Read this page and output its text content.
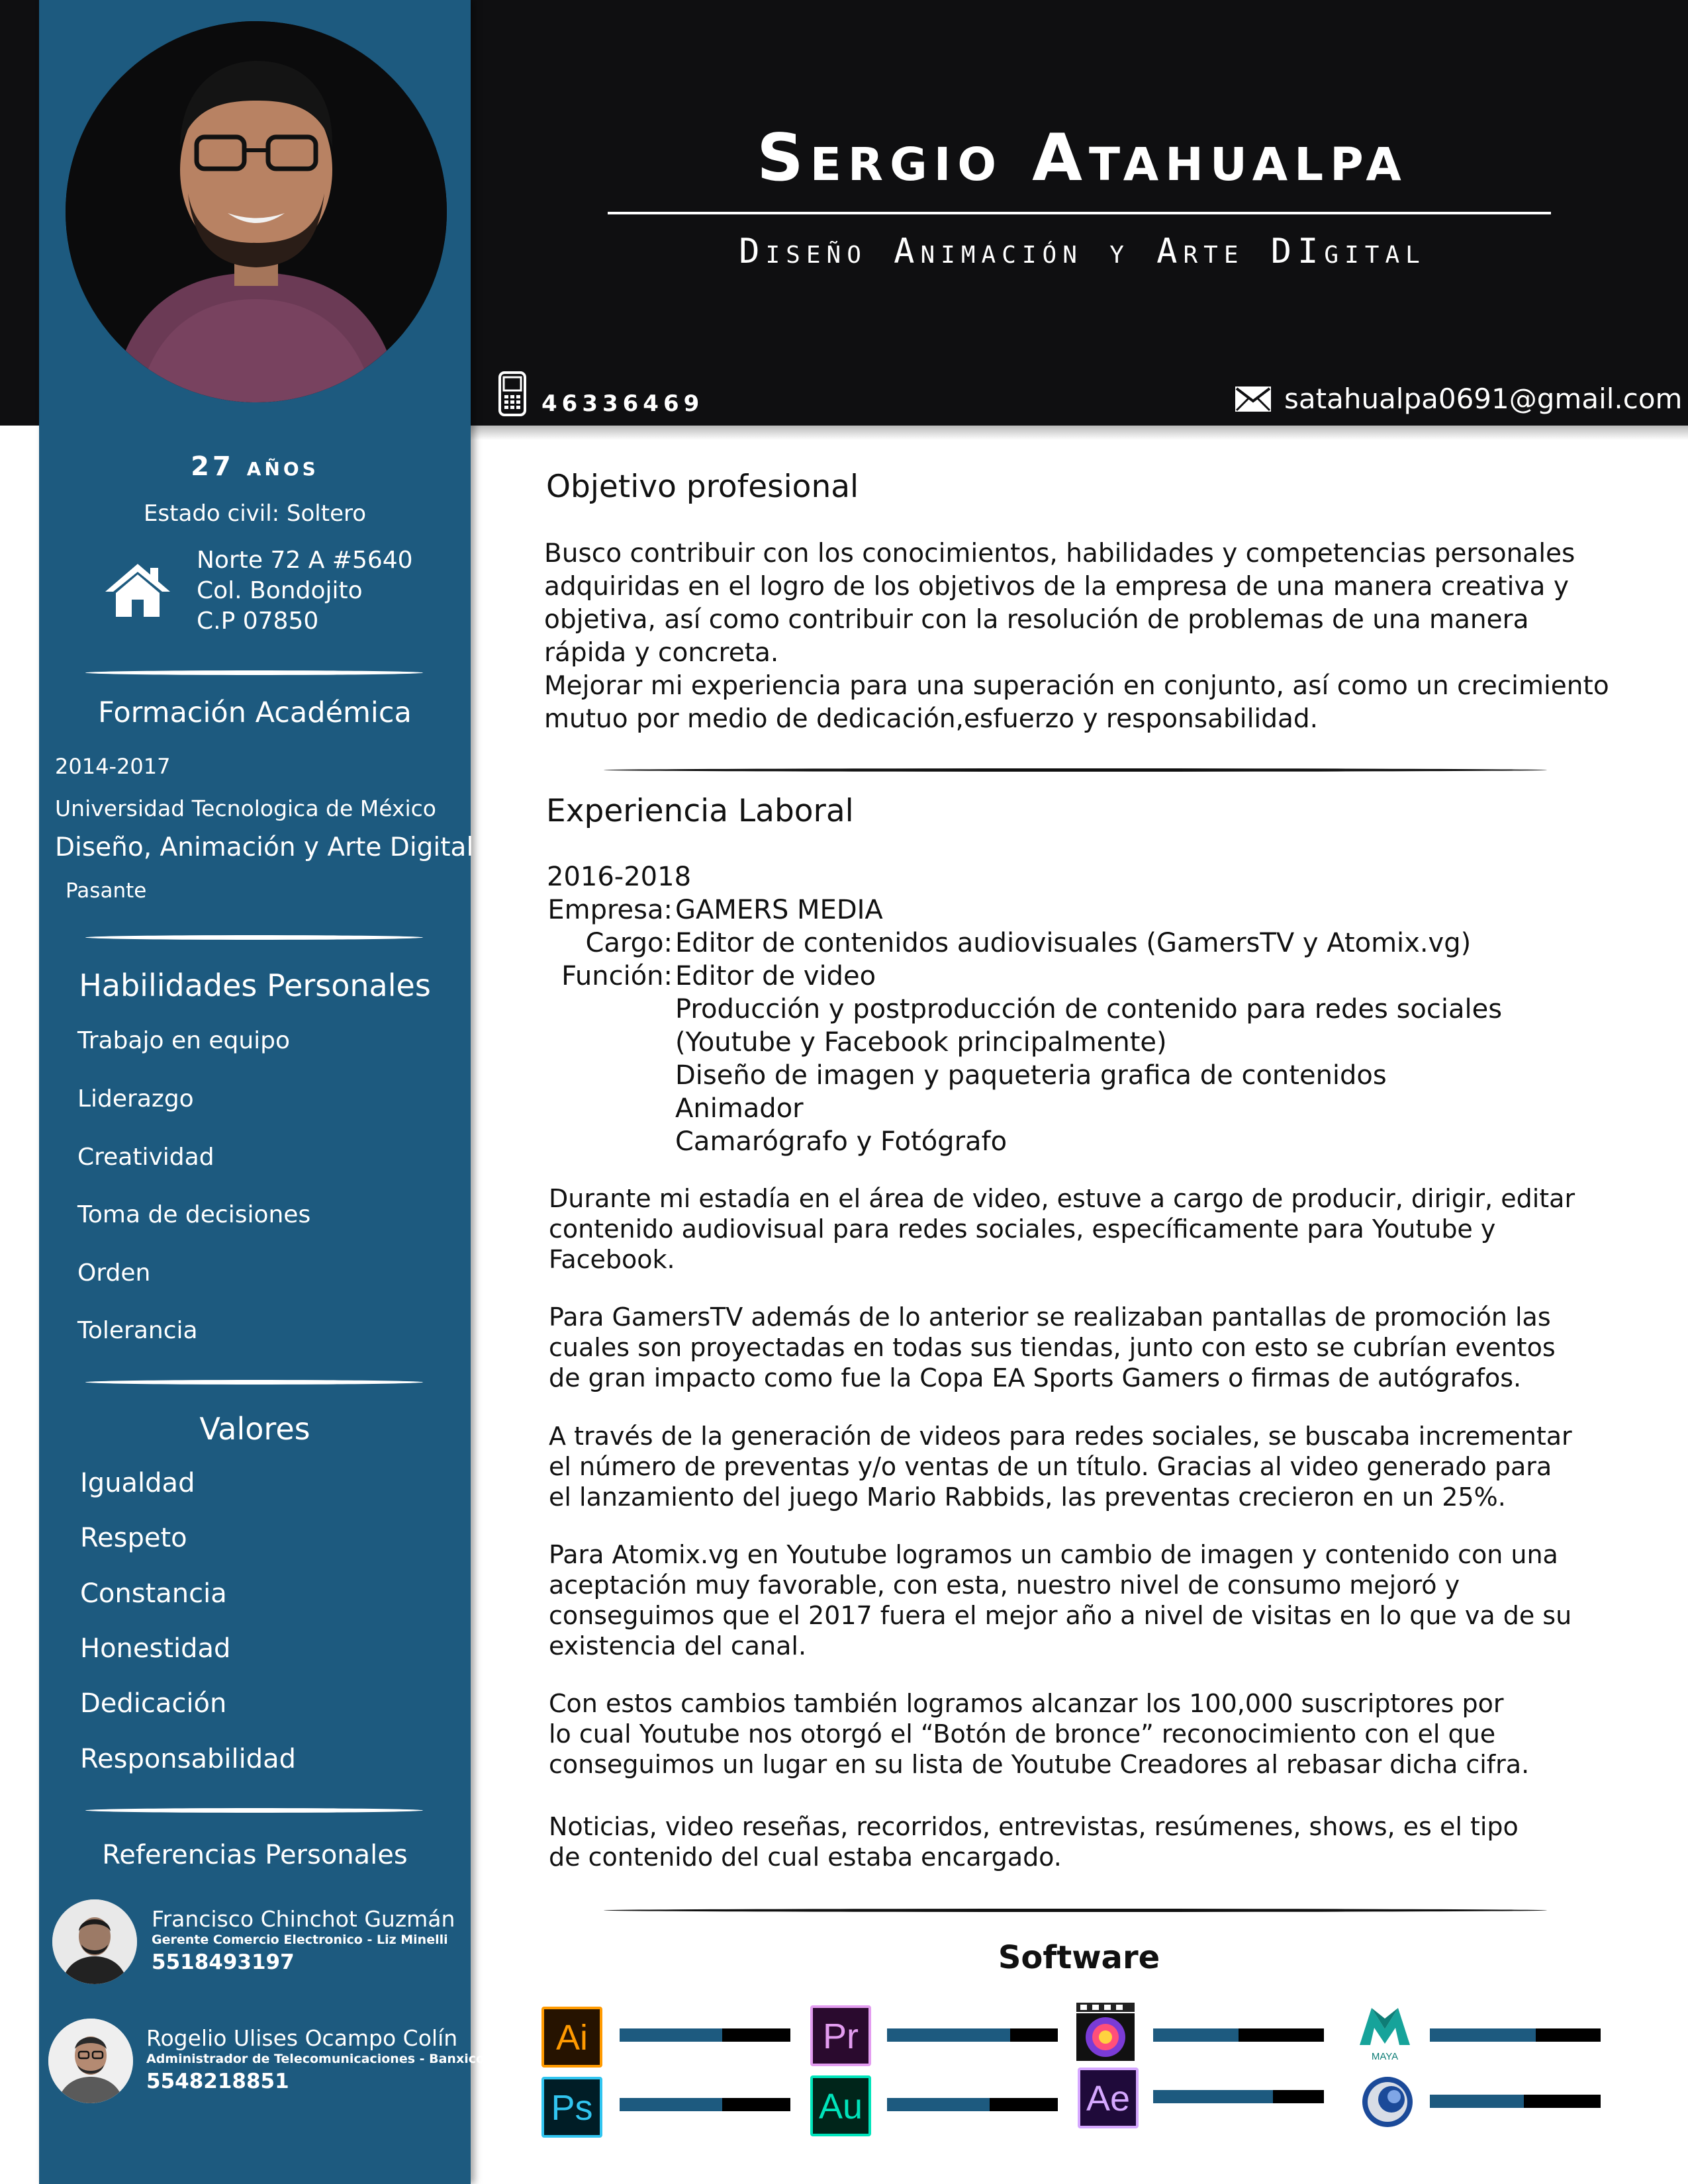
Sergio Atahualpa
Diseño Animación y Arte DIgital
46336469	satahualpa0691@gmail.com
27 años
Estado civil: Soltero
Norte 72 A #5640
Col. Bondojito
C.P 07850
Formación Académica
2014-2017
Universidad Tecnologica de México
Diseño, Animación y Arte Digital
Pasante
Habilidades Personales
Trabajo en equipo
Liderazgo
Creatividad
Toma de decisiones
Orden
Tolerancia
Valores
Igualdad
Respeto
Constancia
Honestidad
Dedicación
Responsabilidad
Referencias Personales
Francisco Chinchot Guzmán
Gerente Comercio Electronico - Liz Minelli
5518493197
Rogelio Ulises Ocampo Colín
Administrador de Telecomunicaciones - Banxico
5548218851
Objetivo profesional

Busco contribuir con los conocimientos, habilidades y competencias personales

adquiridas en el logro de los objetivos de la empresa de una manera creativa y

objetiva, así como contribuir con la resolución de problemas de una manera

rápida y concreta.

Mejorar mi experiencia para una superación en conjunto, así como un crecimiento

mutuo por medio de dedicación,esfuerzo y responsabilidad.

Experiencia Laboral
2016-2018
Empresa: GAMERS MEDIA
Cargo: Editor de contenidos audiovisuales (GamersTV y Atomix.vg)
Función: Editor de video
Producción y postproducción de contenido para redes sociales
(Youtube y Facebook principalmente)
Diseño de imagen y paqueteria grafica de contenidos
Animador
Camarógrafo y Fotógrafo

Durante mi estadía en el área de video, estuve a cargo de producir, dirigir, editar

contenido audiovisual para redes sociales, específicamente para Youtube y

Facebook.

Para GamersTV además de lo anterior se realizaban pantallas de promoción las

cuales son proyectadas en todas sus tiendas, junto con esto se cubrían eventos

de gran impacto como fue la Copa EA Sports Gamers o firmas de autógrafos.

A través de la generación de videos para redes sociales, se buscaba incrementar

el número de preventas y/o ventas de un título. Gracias al video generado para

el lanzamiento del juego Mario Rabbids, las preventas crecieron en un 25%.

Para Atomix.vg en Youtube logramos un cambio de imagen y contenido con una

aceptación muy favorable, con esta, nuestro nivel de consumo mejoró y

conseguimos que el 2017 fuera el mejor año a nivel de visitas en lo que va de su

existencia del canal.

Con estos cambios también logramos alcanzar los 100,000 suscriptores por

lo cual Youtube nos otorgó el “Botón de bronce” reconocimiento con el que

conseguimos un lugar en su lista de Youtube Creadores al rebasar dicha cifra.

Noticias, video reseñas, recorridos, entrevistas, resúmenes, shows, es el tipo

de contenido del cual estaba encargado.

Software
Ai	Pr
MAYA
Ps	Au	Ae
